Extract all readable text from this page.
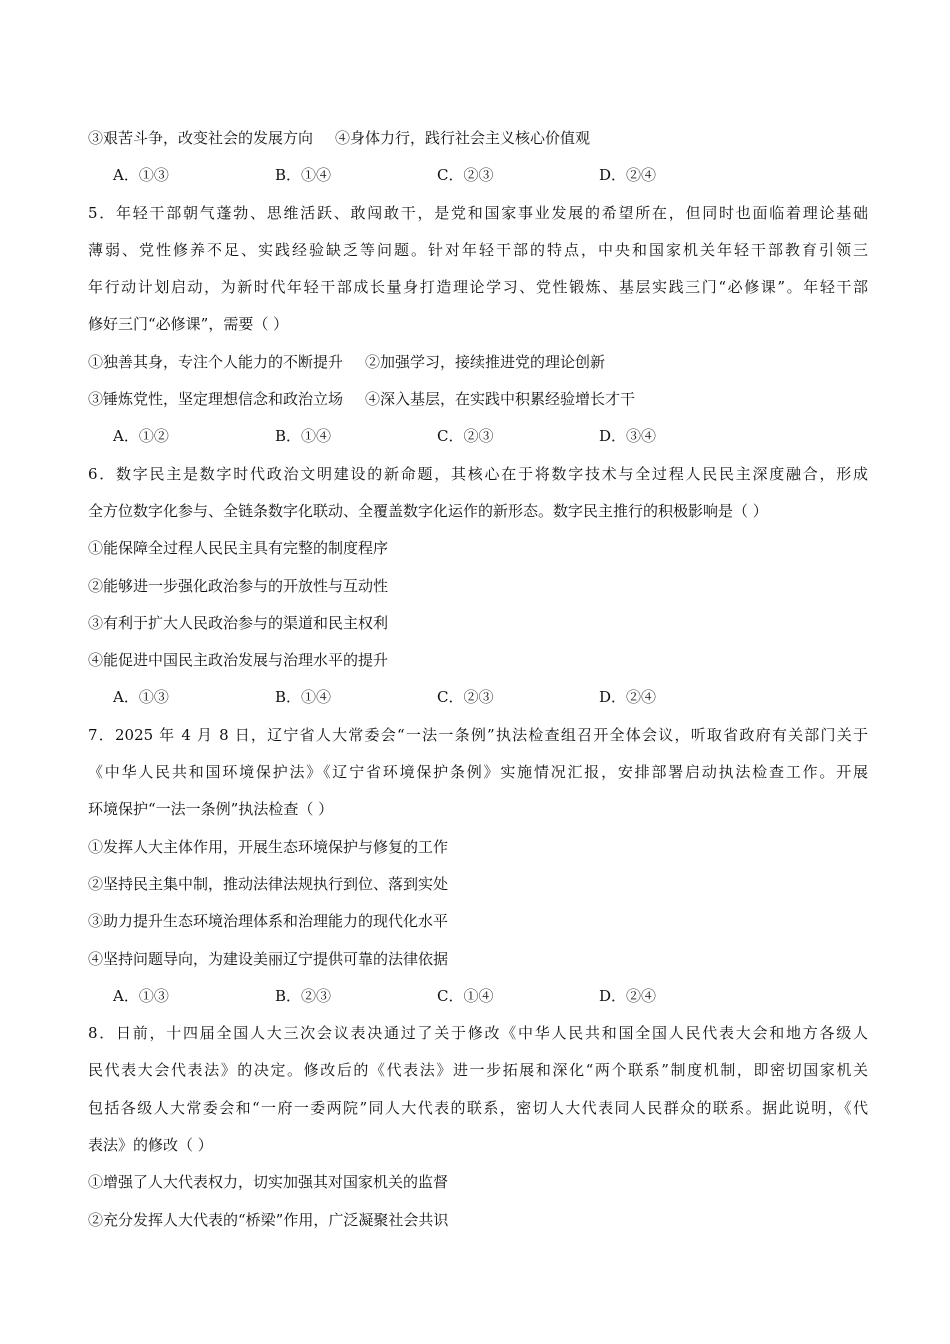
③艰苦斗争，改变社会的发展方向 ④身体力行，践行社会主义核心价值观
A．①③	B．①④	C．②③	D．②④
5．年轻干部朝气蓬勃、思维活跃、敢闯敢干，是党和国家事业发展的希望所在，但同时也面临着理论基础
薄弱、党性修养不足、实践经验缺乏等问题。针对年轻干部的特点，中央和国家机关年轻干部教育引领三
年行动计划启动，为新时代年轻干部成长量身打造理论学习、党性锻炼、基层实践三门“必修课”。年轻干部
修好三门“必修课”，需要（ ）
①独善其身，专注个人能力的不断提升 ②加强学习，接续推进党的理论创新
③锤炼党性，坚定理想信念和政治立场 ④深入基层，在实践中积累经验增长才干
A．①②	B．①④	C．②③	D．③④
6．数字民主是数字时代政治文明建设的新命题，其核心在于将数字技术与全过程人民民主深度融合，形成
全方位数字化参与、全链条数字化联动、全覆盖数字化运作的新形态。数字民主推行的积极影响是（ ）
①能保障全过程人民民主具有完整的制度程序
②能够进一步强化政治参与的开放性与互动性
③有利于扩大人民政治参与的渠道和民主权利
④能促进中国民主政治发展与治理水平的提升
A．①③	B．①④	C．②③	D．②④
7．2025 年 4 月 8 日，辽宁省人大常委会“一法一条例”执法检查组召开全体会议，听取省政府有关部门关于
《中华人民共和国环境保护法》《辽宁省环境保护条例》实施情况汇报，安排部署启动执法检查工作。开展
环境保护“一法一条例”执法检查（ ）
①发挥人大主体作用，开展生态环境保护与修复的工作
②坚持民主集中制，推动法律法规执行到位、落到实处
③助力提升生态环境治理体系和治理能力的现代化水平
④坚持问题导向，为建设美丽辽宁提供可靠的法律依据
A．①③	B．②③	C．①④	D．②④
8．日前，十四届全国人大三次会议表决通过了关于修改《中华人民共和国全国人民代表大会和地方各级人
民代表大会代表法》的决定。修改后的《代表法》进一步拓展和深化“两个联系”制度机制，即密切国家机关
包括各级人大常委会和“一府一委两院”同人大代表的联系，密切人大代表同人民群众的联系。据此说明，《代
表法》的修改（ ）
①增强了人大代表权力，切实加强其对国家机关的监督
②充分发挥人大代表的“桥梁”作用，广泛凝聚社会共识
